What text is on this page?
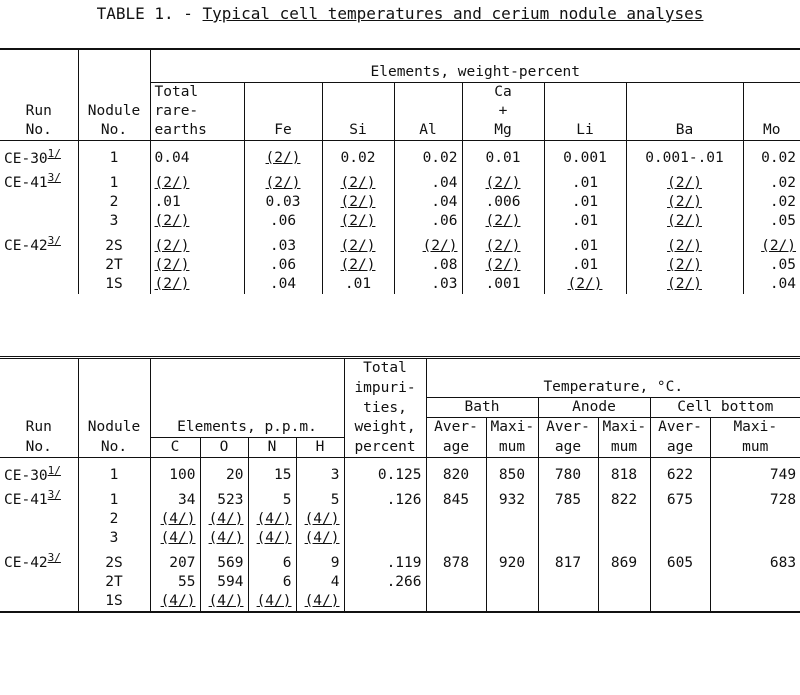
TABLE 1. - Typical cell temperatures and cerium nodule analyses
		Elements, weight-percent							
		Total				Ca			
Run	Nodule	rare-				+			
No.	No.	earths	Fe	Si	Al	Mg	Li	Ba	Mo
$CE-30^{1/}$	1	0.04	(2/)	0.02	0.02	0.01	0.001	0.001-.01	0.02
$CE-41^{3/}$	1	(2/)	(2/)	(2/)	.04	(2/)	.01	(2/)	.02
	2	.01	0.03	(2/)	.04	.006	.01	(2/)	.02
	3	(2/)	.06	(2/)	.06	(2/)	.01	(2/)	.05
$CE-42^{3/}$	2S	(2/)	.03	(2/)	(2/)	(2/)	.01	(2/)	(2/)
	2T	(2/)	.06	(2/)	.08	(2/)	.01	(2/)	.05
	1S	(2/)	.04	.01	.03	.001	(2/)	(2/)	.04
						Total						
						impuri-	Temperature, °C.					
						ties,	Bath		Anode		Cell bottom	
Run	Nodule	Elements, p.p.m.				weight,	Aver-	Maxi-	Aver-	Maxi-	Aver-	Maxi-
No.	No.	C	O	N	H	percent	age	mum	age	mum	age	mum
$CE-30^{1/}$	1	100	20	15	3	0.125	820	850	780	818	622	749
$CE-41^{3/}$	1	34	523	5	5	.126	845	932	785	822	675	728
	2	(4/)	(4/)	(4/)	(4/)							
	3	(4/)	(4/)	(4/)	(4/)							
$CE-42^{3/}$	2S	207	569	6	9	.119	878	920	817	869	605	683
	2T	55	594	6	4	.266						
	1S	(4/)	(4/)	(4/)	(4/)							
